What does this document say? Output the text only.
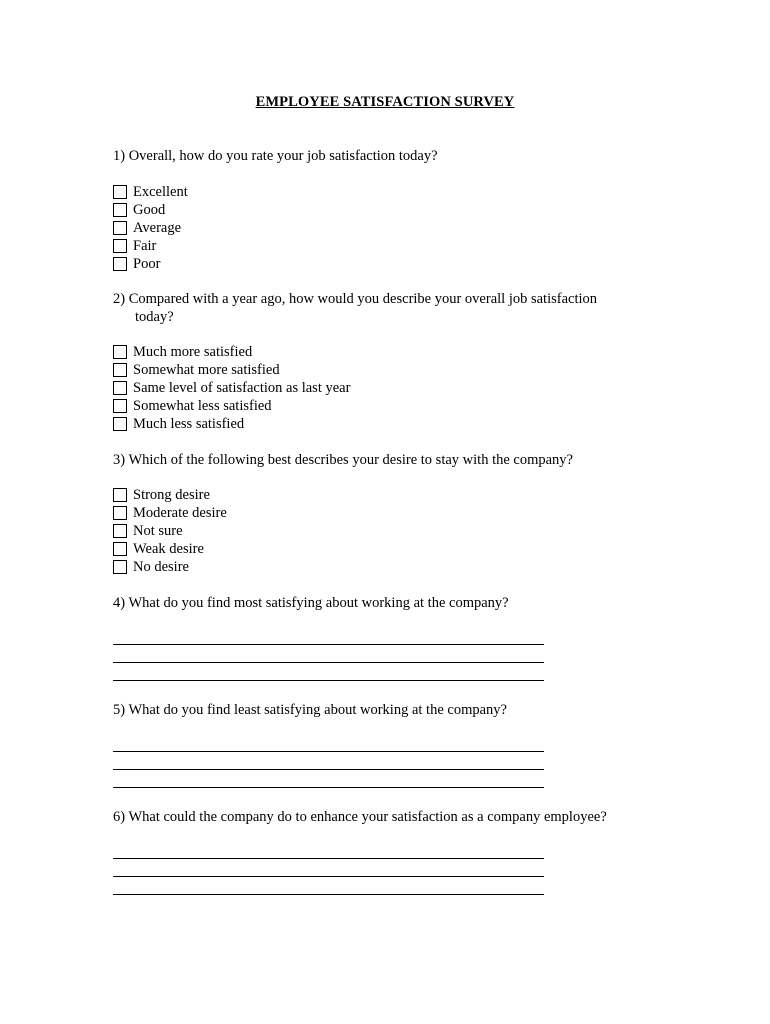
EMPLOYEE SATISFACTION SURVEY
1) Overall, how do you rate your job satisfaction today?
Excellent
Good
Average
Fair
Poor
2) Compared with a year ago, how would you describe your overall job satisfaction
today?
Much more satisfied
Somewhat more satisfied
Same level of satisfaction as last year
Somewhat less satisfied
Much less satisfied
3) Which of the following best describes your desire to stay with the company?
Strong desire
Moderate desire
Not sure
Weak desire
No desire
4) What do you find most satisfying about working at the company?
5) What do you find least satisfying about working at the company?
6) What could the company do to enhance your satisfaction as a company employee?
